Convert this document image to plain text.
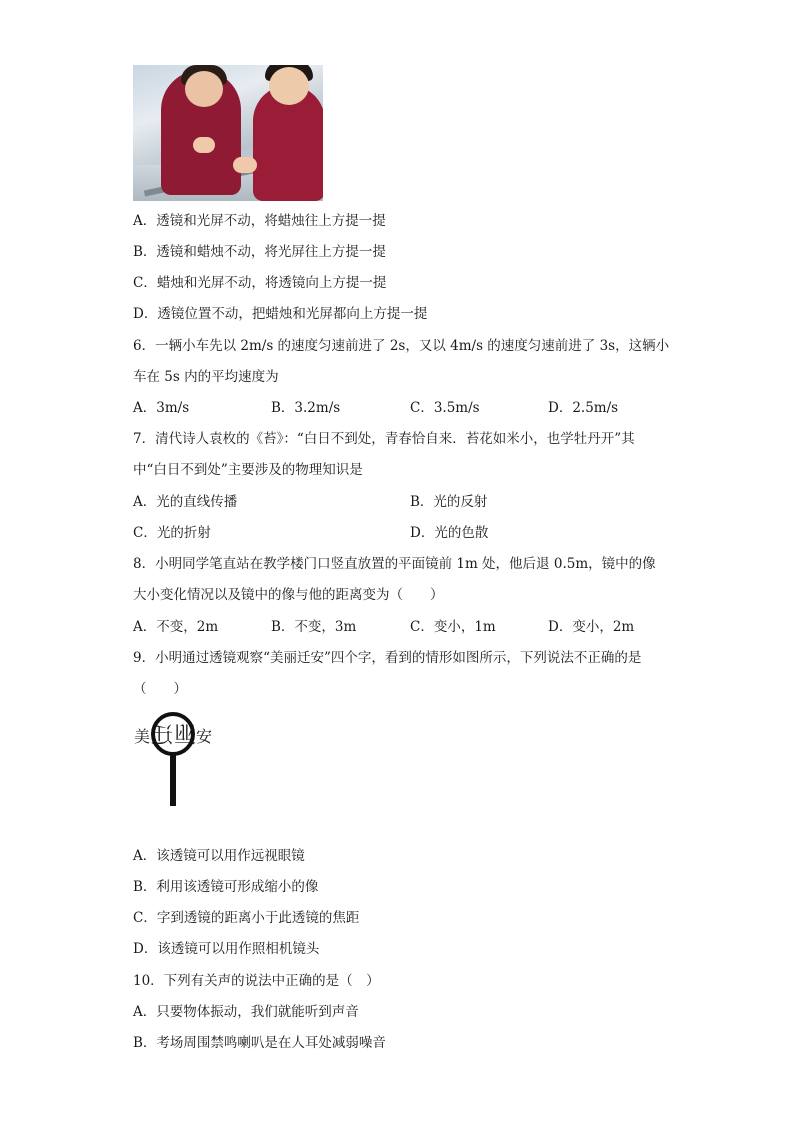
A．透镜和光屏不动，将蜡烛往上方提一提
B．透镜和蜡烛不动，将光屏往上方提一提
C．蜡烛和光屏不动，将透镜向上方提一提
D．透镜位置不动，把蜡烛和光屏都向上方提一提
6．一辆小车先以 2m/s 的速度匀速前进了 2s，又以 4m/s 的速度匀速前进了 3s，这辆小
车在 5s 内的平均速度为
A．3m/s	B．3.2m/s	C．3.5m/s	D．2.5m/s
7．清代诗人袁枚的《苔》：“白日不到处，青春恰自来．苔花如米小，也学牡丹开”其
中“白日不到处”主要涉及的物理知识是
A．光的直线传播	B．光的反射
C．光的折射	D．光的色散
8．小明同学笔直站在教学楼门口竖直放置的平面镜前 1m 处，他后退 0.5m，镜中的像
大小变化情况以及镜中的像与他的距离变为（　　）
A．不变，2m	B．不变，3m	C．变小，1m	D．变小，2m
9．小明通过透镜观察“美丽迁安”四个字，看到的情形如图所示，下列说法不正确的是
（　　）
美 迁 丽 安
A．该透镜可以用作远视眼镜
B．利用该透镜可形成缩小的像
C．字到透镜的距离小于此透镜的焦距
D．该透镜可以用作照相机镜头
10．下列有关声的说法中正确的是（　）
A．只要物体振动，我们就能听到声音
B．考场周围禁鸣喇叭是在人耳处减弱噪音
